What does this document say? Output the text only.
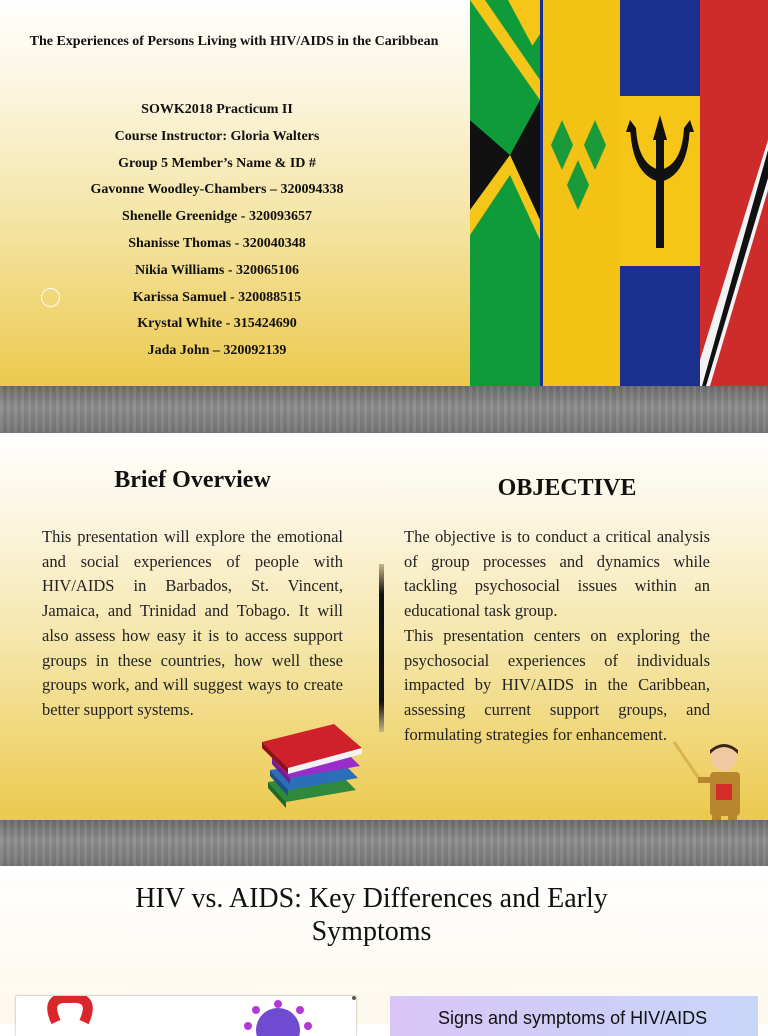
The Experiences of Persons Living with HIV/AIDS in the Caribbean
SOWK2018 Practicum II
Course Instructor: Gloria Walters
Group 5 Member’s Name & ID #
Gavonne Woodley-Chambers – 320094338
Shenelle Greenidge - 320093657
Shanisse Thomas - 320040348
Nikia Williams - 320065106
Karissa Samuel - 320088515
Krystal White - 315424690
Jada John – 320092139
Brief Overview

This presentation will explore the emotional and social experiences of people with HIV/AIDS in Barbados, St. Vincent, Jamaica, and Trinidad and Tobago. It will also assess how easy it is to access support groups in these countries, how well these groups work, and will suggest ways to create better support systems.

OBJECTIVE

The objective is to conduct a critical analysis of group processes and dynamics while tackling psychosocial issues within an educational task group.

This presentation centers on exploring the psychosocial experiences of individuals impacted by HIV/AIDS in the Caribbean, assessing current support groups, and formulating strategies for enhancement.

HIV vs. AIDS: Key Differences and Early Symptoms
Signs and symptoms of HIV/AIDS
